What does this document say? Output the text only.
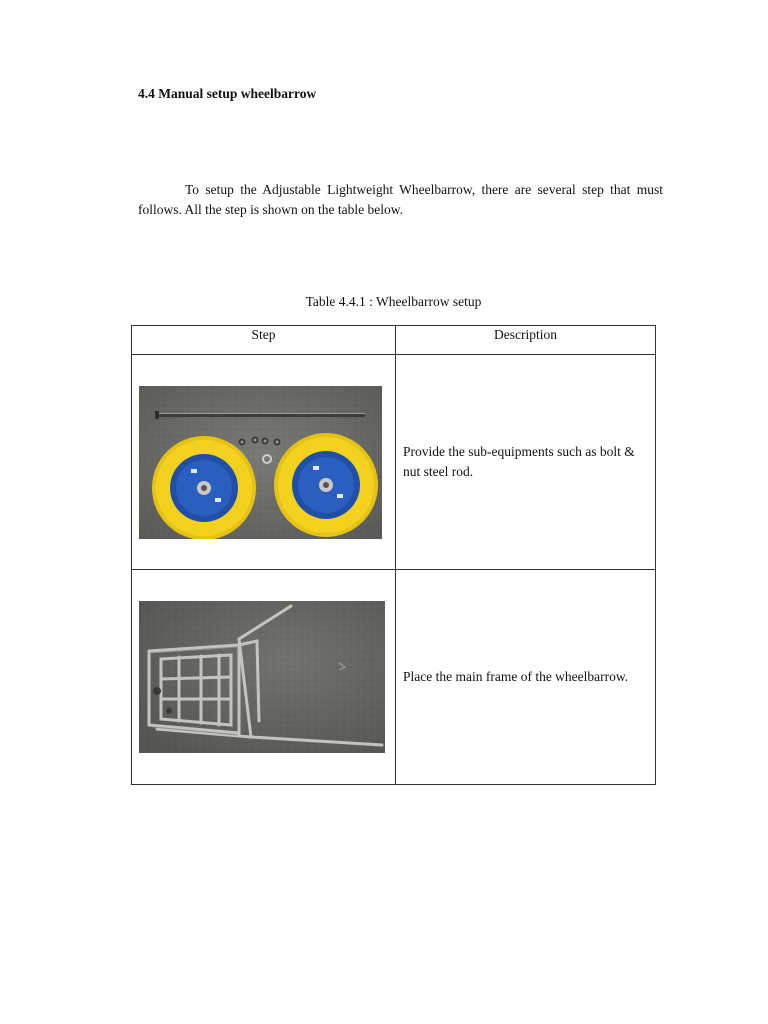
4.4 Manual setup wheelbarrow

To setup the Adjustable Lightweight Wheelbarrow, there are several step that must follows. All the step is shown on the table below.

Table 4.4.1 : Wheelbarrow setup

Step	Description

	Provide the sub-equipments such as bolt & nut steel rod.

	Place the main frame of the wheelbarrow.
